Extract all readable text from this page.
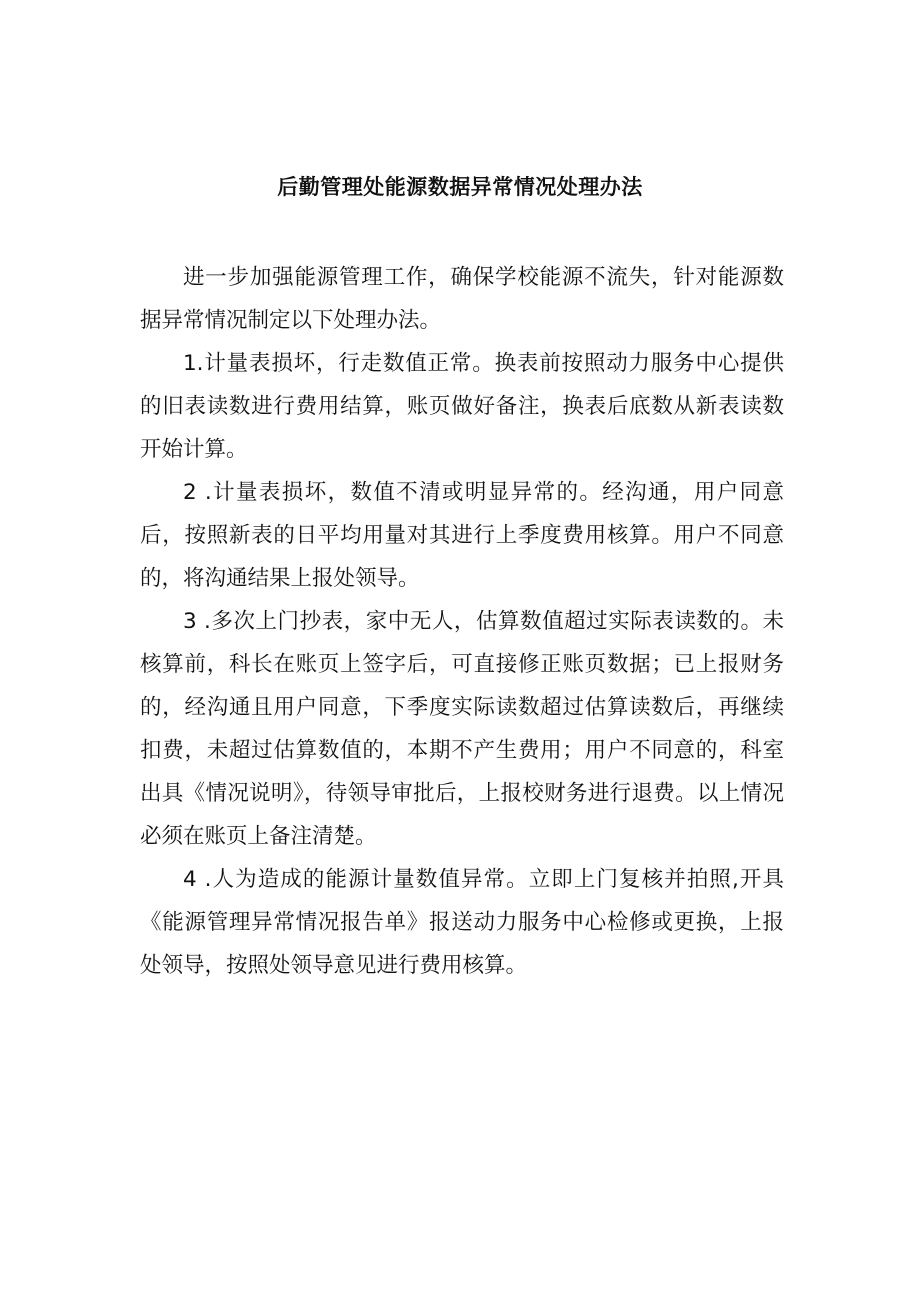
后勤管理处能源数据异常情况处理办法

进一步加强能源管理工作，确保学校能源不流失，针对能源数据异常情况制定以下处理办法。

1.计量表损坏，行走数值正常。换表前按照动力服务中心提供的旧表读数进行费用结算，账页做好备注，换表后底数从新表读数开始计算。

2 .计量表损坏，数值不清或明显异常的。经沟通，用户同意后，按照新表的日平均用量对其进行上季度费用核算。用户不同意的，将沟通结果上报处领导。

3 .多次上门抄表，家中无人，估算数值超过实际表读数的。未核算前，科长在账页上签字后，可直接修正账页数据；已上报财务的，经沟通且用户同意，下季度实际读数超过估算读数后，再继续扣费，未超过估算数值的，本期不产生费用；用户不同意的，科室出具《情况说明》，待领导审批后，上报校财务进行退费。以上情况必须在账页上备注清楚。

4 .人为造成的能源计量数值异常。立即上门复核并拍照,开具《能源管理异常情况报告单》报送动力服务中心检修或更换，上报处领导，按照处领导意见进行费用核算。
